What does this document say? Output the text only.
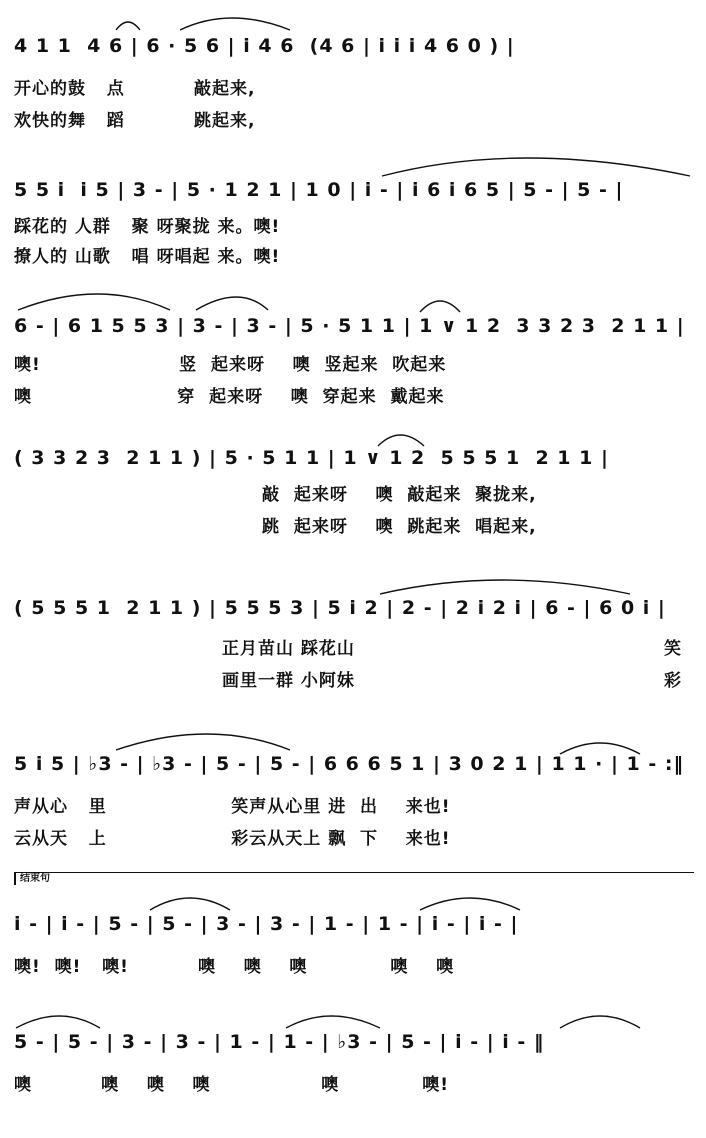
4 1 1  4 6 | 6 · 5 6 | i 4 6  (4 6 | i i i 4 6 0 ) |

开心的鼓   点          敲起来,

欢快的舞   蹈          跳起来,

5 5 i  i 5 | 3 - | 5 · 1 2 1 | 1 0 | i - | i 6 i 6 5 | 5 - | 5 - |

踩花的 人群   聚 呀聚拢 来。噢!

撩人的 山歌   唱 呀唱起 来。噢!

6 - | 6 1 5 5 3 | 3 - | 3 - | 5 · 5 1 1 | 1 ∨ 1 2  3 3 2 3  2 1 1 |

噢!                    竖  起来呀    噢  竖起来  吹起来

噢                     穿  起来呀    噢  穿起来  戴起来

( 3 3 2 3  2 1 1 ) | 5 · 5 1 1 | 1 ∨ 1 2  5 5 5 1  2 1 1 |

敲  起来呀    噢  敲起来  聚拢来,

跳  起来呀    噢  跳起来  唱起来,

( 5 5 5 1  2 1 1 ) | 5 5 5 3 | 5 i 2 | 2 - | 2 i 2 i | 6 - | 6 0 i |

正月苗山 踩花山

	笑

画里一群 小阿妹

	彩

5 i 5 | ♭3 - | ♭3 - | 5 - | 5 - | 6 6 6 5 1 | 3 0 2 1 | 1 1 · | 1 - :‖

声从心   里                  笑声从心里 进  出    来也!

云从天   上                  彩云从天上 飘  下    来也!

结束句
i - | i - | 5 - | 5 - | 3 - | 3 - | 1 - | 1 - | i - | i - |

噢!  噢!   噢!          噢    噢    噢            噢    噢

5 - | 5 - | 3 - | 3 - | 1 - | 1 - | ♭3 - | 5 - | i - | i - ‖

噢          噢    噢    噢                噢            噢!
